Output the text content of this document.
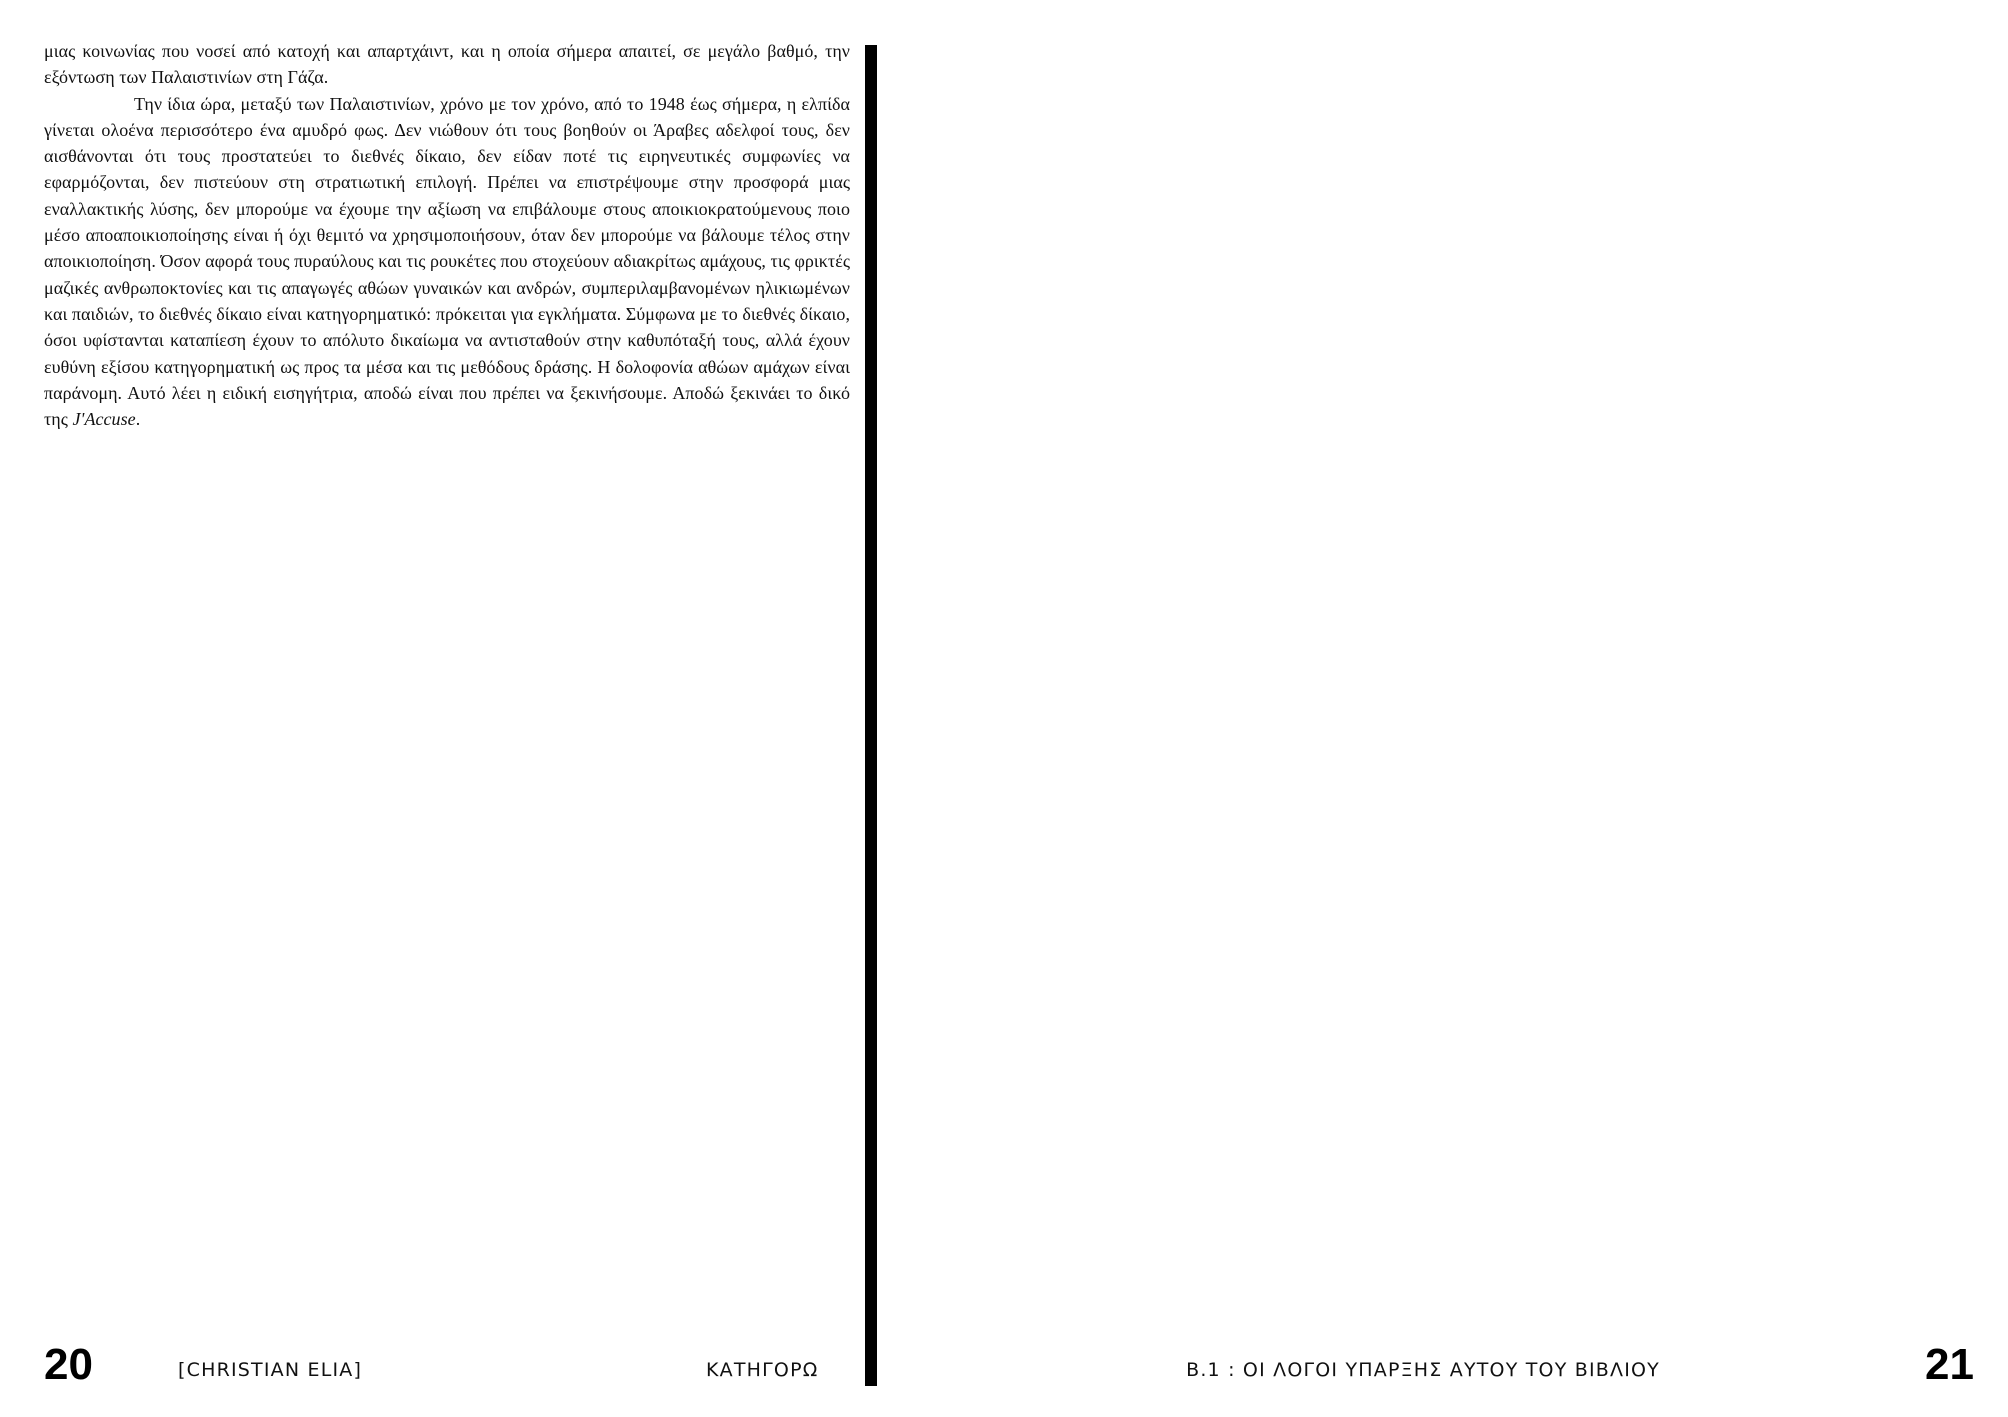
μιας κοινωνίας που νοσεί από κατοχή και απαρτχάιντ, και η οποία σήμερα απαιτεί, σε μεγάλο βαθμό, την εξόντωση των Παλαιστινίων στη Γάζα.

Την ίδια ώρα, μεταξύ των Παλαιστινίων, χρόνο με τον χρόνο, από το 1948 έως σήμερα, η ελπίδα γίνεται ολοένα περισσότερο ένα αμυδρό φως. Δεν νιώθουν ότι τους βοηθούν οι Άραβες αδελφοί τους, δεν αισθάνονται ότι τους προστατεύει το διεθνές δίκαιο, δεν είδαν ποτέ τις ειρηνευτικές συμφωνίες να εφαρμόζονται, δεν πιστεύουν στη στρατιωτική επιλογή. Πρέπει να επιστρέψουμε στην προσφορά μιας εναλλακτικής λύσης, δεν μπορούμε να έχουμε την αξίωση να επιβάλουμε στους αποικιοκρατούμενους ποιο μέσο αποαποικιοποίησης είναι ή όχι θεμιτό να χρησιμοποιήσουν, όταν δεν μπορούμε να βάλουμε τέλος στην αποικιοποίηση. Όσον αφορά τους πυραύλους και τις ρουκέτες που στοχεύουν αδιακρίτως αμάχους, τις φρικτές μαζικές ανθρωποκτονίες και τις απαγωγές αθώων γυναικών και ανδρών, συμπεριλαμβανομένων ηλικιωμένων και παιδιών, το διεθνές δίκαιο είναι κατηγορηματικό: πρόκειται για εγκλήματα. Σύμφωνα με το διεθνές δίκαιο, όσοι υφίστανται καταπίεση έχουν το απόλυτο δικαίωμα να αντισταθούν στην καθυπόταξή τους, αλλά έχουν ευθύνη εξίσου κατηγορηματική ως προς τα μέσα και τις μεθόδους δράσης. Η δολοφονία αθώων αμάχων είναι παράνομη. Αυτό λέει η ειδική εισηγήτρια, αποδώ είναι που πρέπει να ξεκινήσουμε. Αποδώ ξεκινάει το δικό της J'Accuse.

20	[CHRISTIAN ELIA]	ΚΑΤΗΓΟΡΩ	B.1 : ΟΙ ΛΟΓΟΙ ΥΠΑΡΞΗΣ ΑΥΤΟΥ ΤΟΥ ΒΙΒΛΙΟΥ	21
